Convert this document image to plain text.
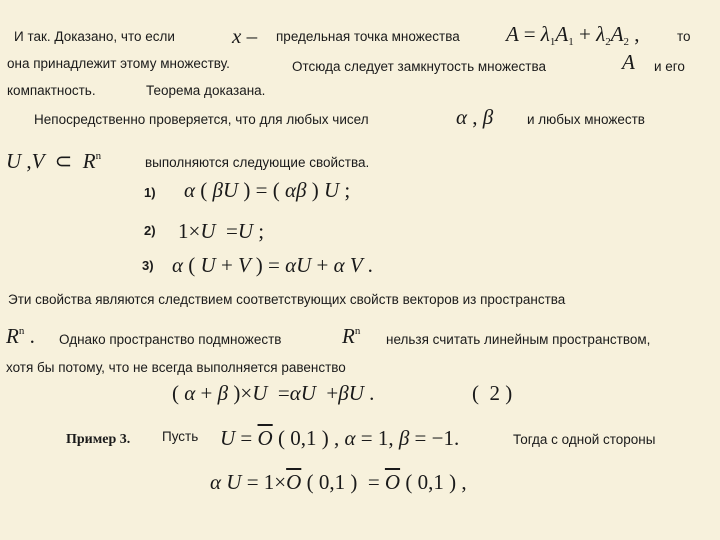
И так. Доказано, что если	x – предельная точка множества $A = \lambda_1A_1 + \lambda_2A_2$ ,	то
она принадлежит этому множеству.	Отсюда следует замкнутость множества	A и его
компактность.	Теорема доказана.
Непосредственно проверяется, что для любых чисел	α , β	и любых множеств
U ,V  ⊂  $R^n$	выполняются следующие свойства.
1) α ( βU ) = ( αβ ) U ;
2) 1×U  =U ;
3) α ( U + V ) = αU + α V .
Эти свойства являются следствием соответствующих свойств векторов из пространства
$R^n$ . Однако пространство подмножеств	$R^n$
нельзя считать линейным пространством,
хотя бы потому, что не всегда выполняется равенство
( α + β )×U  =αU  +βU .	(  2 )
Пример 3. Пусть $U = \overline{O}$ ( 0,1 ) , α = 1, β = −1.	Тогда с одной стороны
α $U = 1\times\overline{O}$ ( 0,1 )  = $\overline{O}$ ( 0,1 ) ,
